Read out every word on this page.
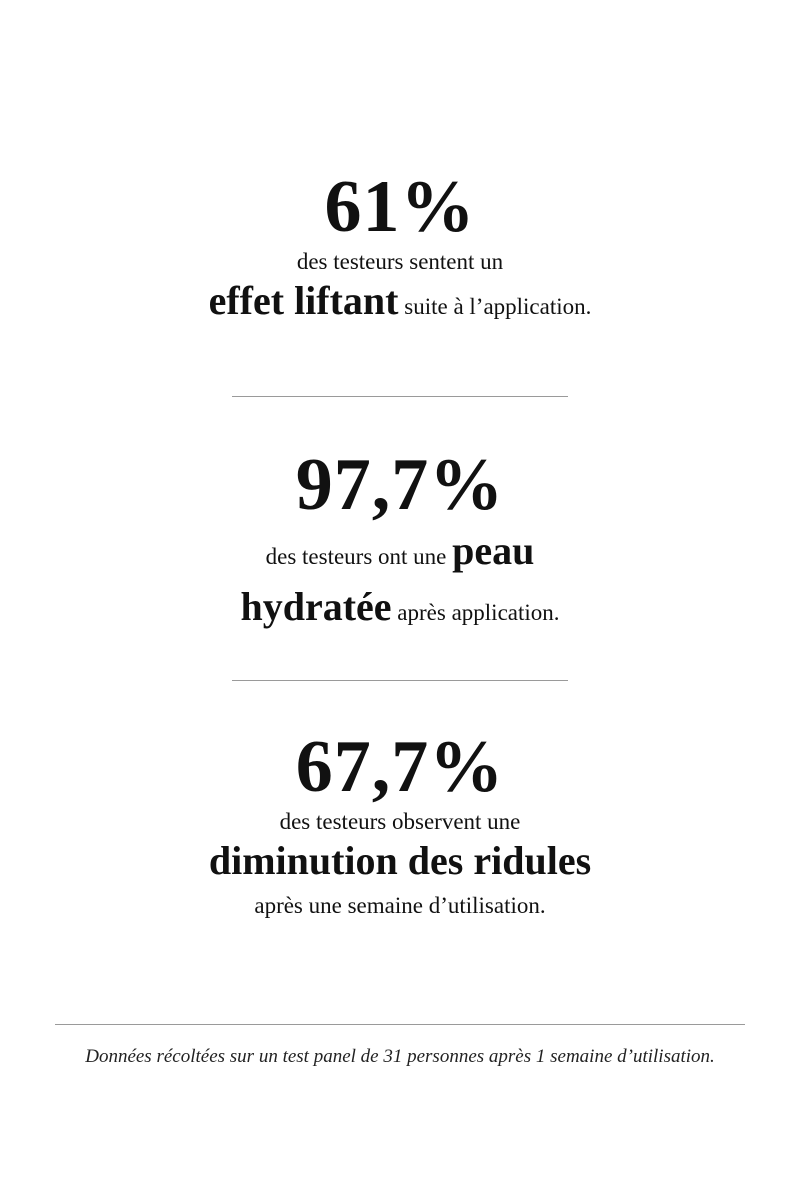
61%
des testeurs sentent un
effet liftant suite à l’application.
97,7%
des testeurs ont une peau
hydratée après application.
67,7%
des testeurs observent une
diminution des ridules
après une semaine d’utilisation.
Données récoltées sur un test panel de 31 personnes après 1 semaine d’utilisation.
